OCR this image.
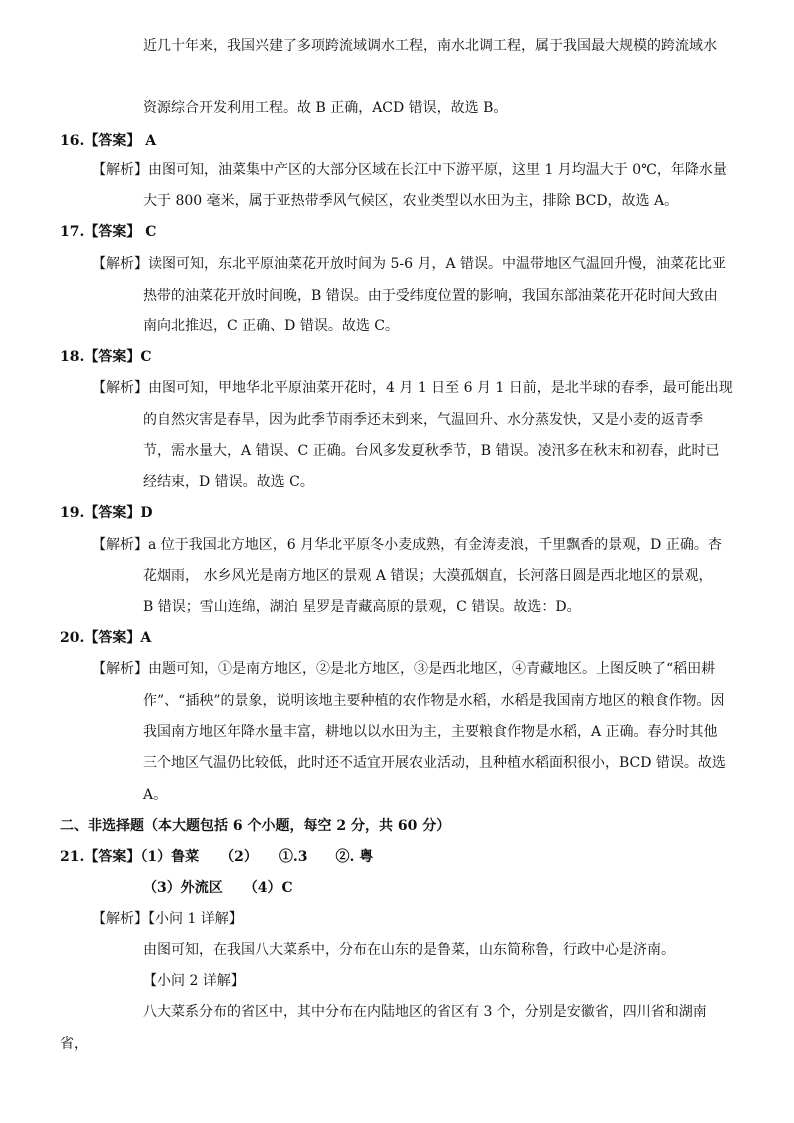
近几十年来，我国兴建了多项跨流域调水工程，南水北调工程，属于我国最大规模的跨流域水
资源综合开发利用工程。故 B 正确，ACD 错误，故选 B。
16.【答案】 A
【解析】由图可知，油菜集中产区的大部分区域在长江中下游平原，这里 1 月均温大于 0℃，年降水量
大于 800 毫米，属于亚热带季风气候区，农业类型以水田为主，排除 BCD，故选 A。
17.【答案】 C
【解析】读图可知，东北平原油菜花开放时间为 5-6 月，A 错误。中温带地区气温回升慢，油菜花比亚
热带的油菜花开放时间晚，B 错误。由于受纬度位置的影响，我国东部油菜花开花时间大致由
南向北推迟，C 正确、D 错误。故选 C。
18.【答案】C
【解析】由图可知，甲地华北平原油菜开花时，4 月 1 日至 6 月 1 日前，是北半球的春季，最可能出现
的自然灾害是春旱，因为此季节雨季还未到来，气温回升、水分蒸发快，又是小麦的返青季
节，需水量大，A 错误、C 正确。台风多发夏秋季节，B 错误。凌汛多在秋末和初春，此时已
经结束，D 错误。故选 C。
19.【答案】D
【解析】a 位于我国北方地区，6 月华北平原冬小麦成熟，有金涛麦浪，千里飘香的景观，D 正确。杏
花烟雨， 水乡风光是南方地区的景观 A 错误；大漠孤烟直，长河落日圆是西北地区的景观，
B 错误；雪山连绵，湖泊 星罗是青藏高原的景观，C 错误。故选：D。
20.【答案】A
【解析】由题可知，①是南方地区，②是北方地区，③是西北地区，④青藏地区。上图反映了“稻田耕
作”、“插秧”的景象，说明该地主要种植的农作物是水稻，水稻是我国南方地区的粮食作物。因
我国南方地区年降水量丰富，耕地以以水田为主，主要粮食作物是水稻，A 正确。春分时其他
三个地区气温仍比较低，此时还不适宜开展农业活动，且种植水稻面积很小，BCD 错误。故选
A。
二、非选择题（本大题包括 6 个小题，每空 2 分，共 60 分）
21.【答案】（1）鲁菜　　（2）　　①.3　　②. 粤
（3）外流区　　（4）C
【解析】【小问 1 详解】
由图可知，在我国八大菜系中，分布在山东的是鲁菜，山东简称鲁，行政中心是济南。
【小问 2 详解】
八大菜系分布的省区中，其中分布在内陆地区的省区有 3 个，分别是安徽省，四川省和湖南
省，
